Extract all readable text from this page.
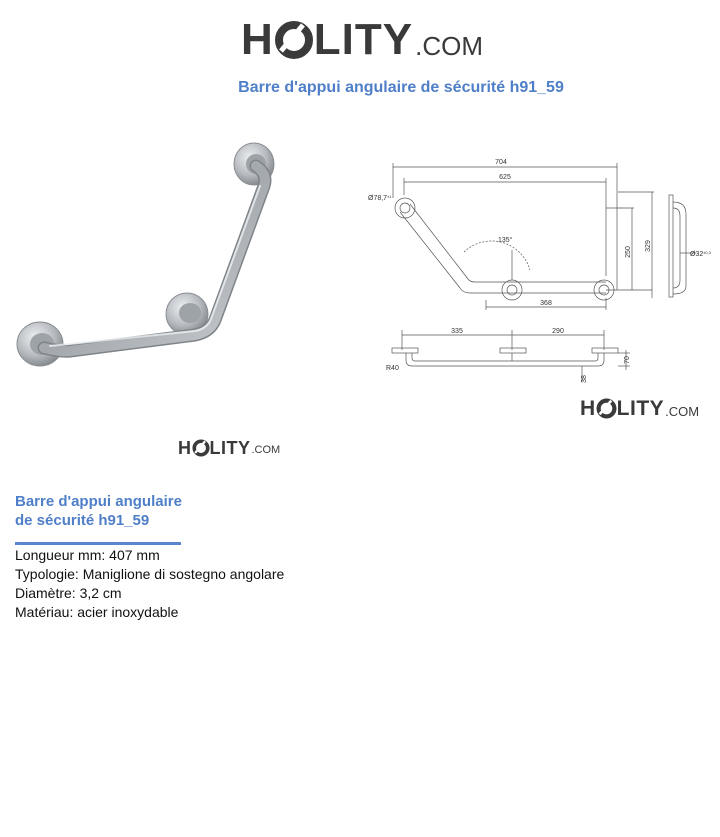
H LITY .COM
Barre d'appui angulaire de sécurité h91_59
H LITY .COM
704
625
$Ø78,7^{\pm 1}$
135°
368
250
329
$Ø32^{\pm 0,3}$
335	290
70
R40
38
H LITY .COM
Barre d'appui angulaire
de sécurité h91_59
Longueur mm: 407 mm
Typologie: Maniglione di sostegno angolare
Diamètre: 3,2 cm
Matériau: acier inoxydable
